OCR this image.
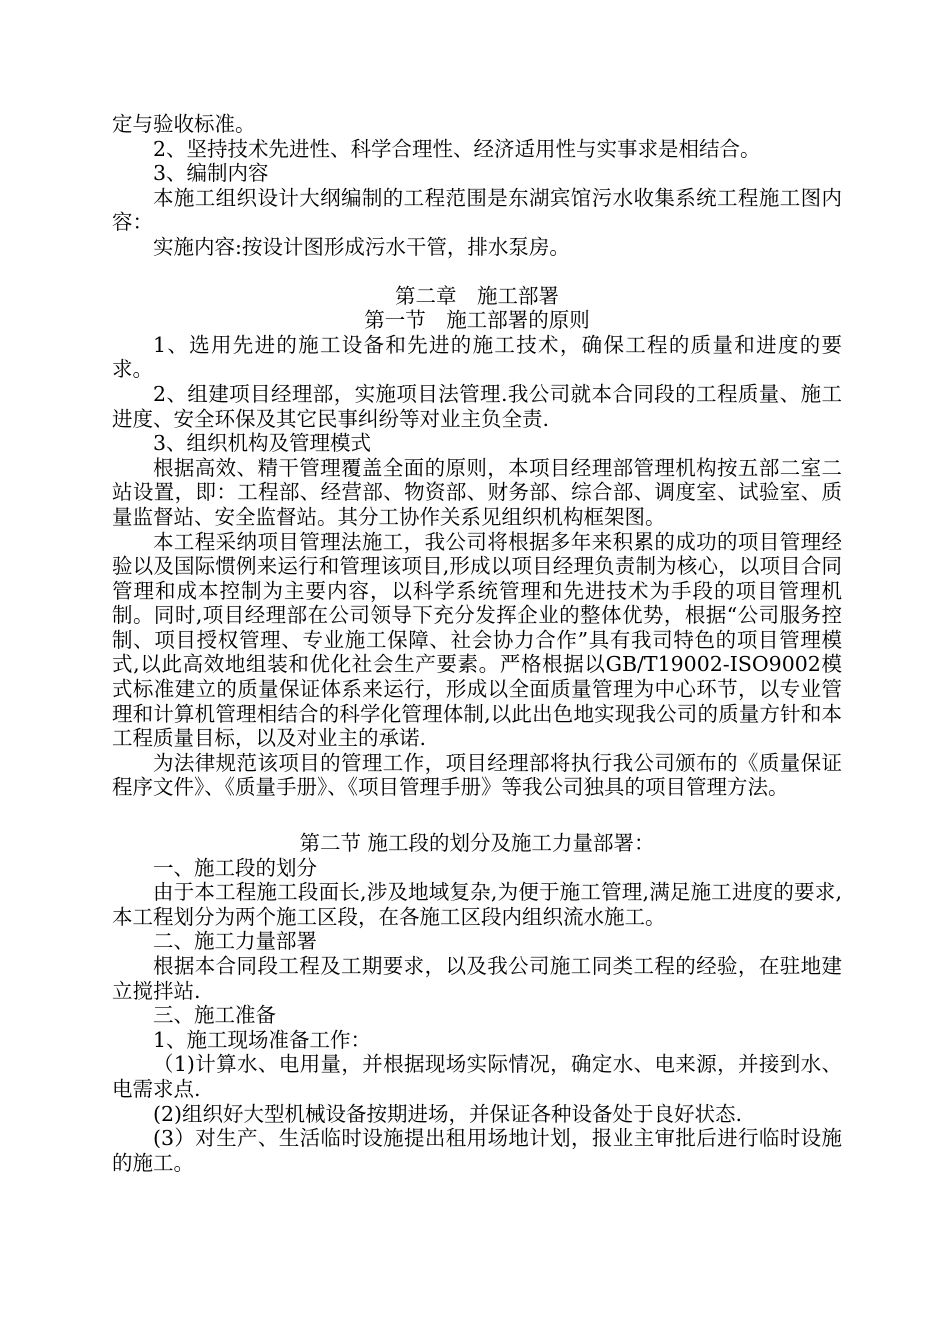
定与验收标准。

2、坚持技术先进性、科学合理性、经济适用性与实事求是相结合。

3、编制内容

本施工组织设计大纲编制的工程范围是东湖宾馆污水收集系统工程施工图内容：

实施内容:按设计图形成污水干管，排水泵房。

第二章　施工部署

第一节　施工部署的原则

1、选用先进的施工设备和先进的施工技术，确保工程的质量和进度的要求。

2、组建项目经理部，实施项目法管理.我公司就本合同段的工程质量、施工进度、安全环保及其它民事纠纷等对业主负全责.

3、组织机构及管理模式

根据高效、精干管理覆盖全面的原则，本项目经理部管理机构按五部二室二站设置，即：工程部、经营部、物资部、财务部、综合部、调度室、试验室、质量监督站、安全监督站。其分工协作关系见组织机构框架图。

本工程采纳项目管理法施工，我公司将根据多年来积累的成功的项目管理经验以及国际惯例来运行和管理该项目,形成以项目经理负责制为核心，以项目合同管理和成本控制为主要内容，以科学系统管理和先进技术为手段的项目管理机制。同时,项目经理部在公司领导下充分发挥企业的整体优势，根据“公司服务控制、项目授权管理、专业施工保障、社会协力合作”具有我司特色的项目管理模式,以此高效地组装和优化社会生产要素。严格根据以GB/T19002-ISO9002模式标准建立的质量保证体系来运行，形成以全面质量管理为中心环节，以专业管理和计算机管理相结合的科学化管理体制,以此出色地实现我公司的质量方针和本工程质量目标，以及对业主的承诺.

为法律规范该项目的管理工作，项目经理部将执行我公司颁布的《质量保证程序文件》、《质量手册》、《项目管理手册》等我公司独具的项目管理方法。

第二节 施工段的划分及施工力量部署：

一、施工段的划分

由于本工程施工段面长,涉及地域复杂,为便于施工管理,满足施工进度的要求,本工程划分为两个施工区段，在各施工区段内组织流水施工。

二、施工力量部署

根据本合同段工程及工期要求，以及我公司施工同类工程的经验，在驻地建立搅拌站.

三、施工准备

1、施工现场准备工作：

（1)计算水、电用量，并根据现场实际情况，确定水、电来源，并接到水、电需求点.

(2)组织好大型机械设备按期进场，并保证各种设备处于良好状态.

(3）对生产、生活临时设施提出租用场地计划，报业主审批后进行临时设施的施工。
